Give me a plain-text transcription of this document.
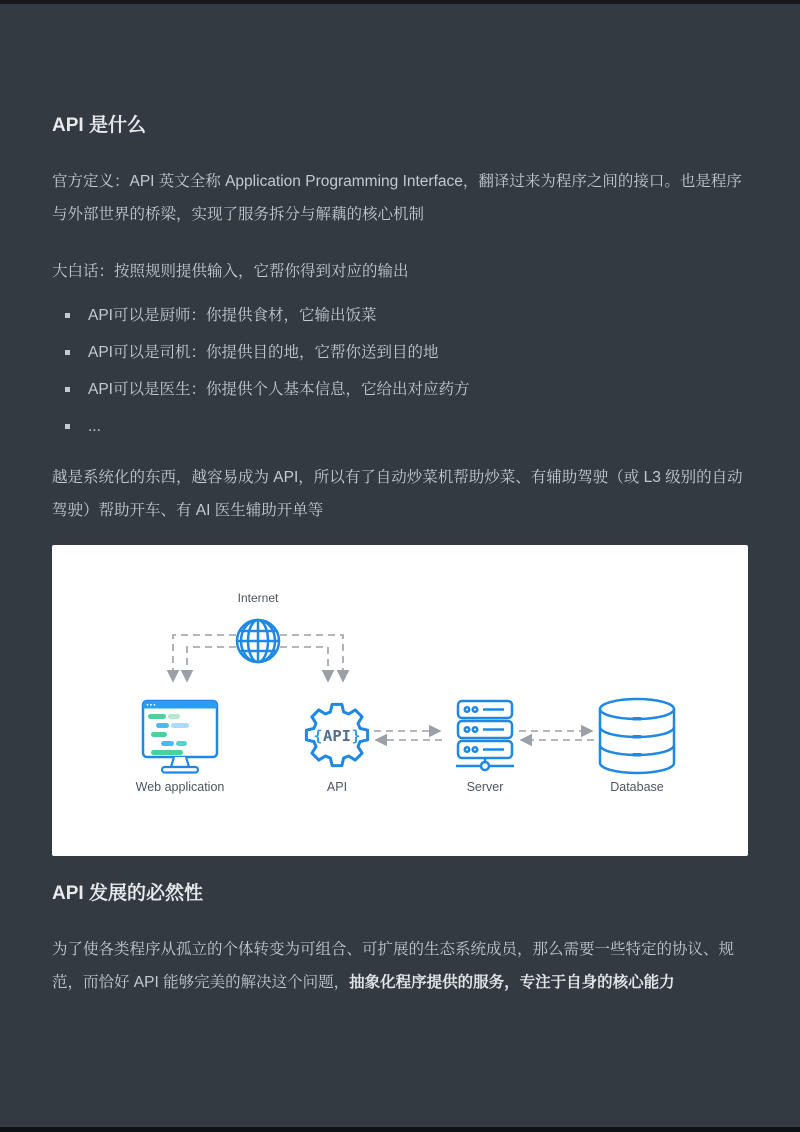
API 是什么

官方定义：API 英文全称 Application Programming Interface，翻译过来为程序之间的接口。也是程序与外部世界的桥梁，实现了服务拆分与解藕的核心机制

大白话：按照规则提供输入，它帮你得到对应的输出

API可以是厨师：你提供食材，它输出饭菜
API可以是司机：你提供目的地，它帮你送到目的地
API可以是医生：你提供个人基本信息，它给出对应药方
...

越是系统化的东西，越容易成为 API，所以有了自动炒菜机帮助炒菜、有辅助驾驶（或 L3 级别的自动驾驶）帮助开车、有 AI 医生辅助开单等

Internet
{ API }
Web application	API	Server	Database
API 发展的必然性

为了使各类程序从孤立的个体转变为可组合、可扩展的生态系统成员，那么需要一些特定的协议、规范，而恰好 API 能够完美的解决这个问题，抽象化程序提供的服务，专注于自身的核心能力
